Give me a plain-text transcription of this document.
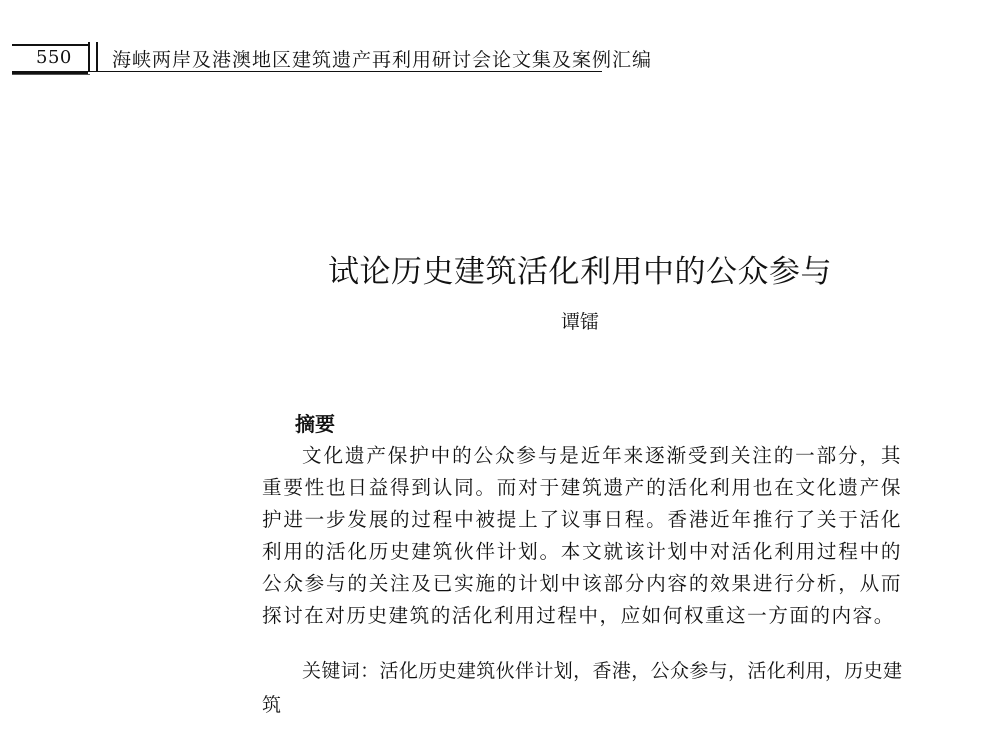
550 海峡两岸及港澳地区建筑遗产再利用研讨会论文集及案例汇编
试论历史建筑活化利用中的公众参与
谭镭
摘要

文化遗产保护中的公众参与是近年来逐渐受到关注的一部分，其重要性也日益得到认同。而对于建筑遗产的活化利用也在文化遗产保护进一步发展的过程中被提上了议事日程。香港近年推行了关于活化利用的活化历史建筑伙伴计划。本文就该计划中对活化利用过程中的公众参与的关注及已实施的计划中该部分内容的效果进行分析，从而探讨在对历史建筑的活化利用过程中，应如何权重这一方面的内容。

关键词：活化历史建筑伙伴计划，香港，公众参与，活化利用，历史建筑
